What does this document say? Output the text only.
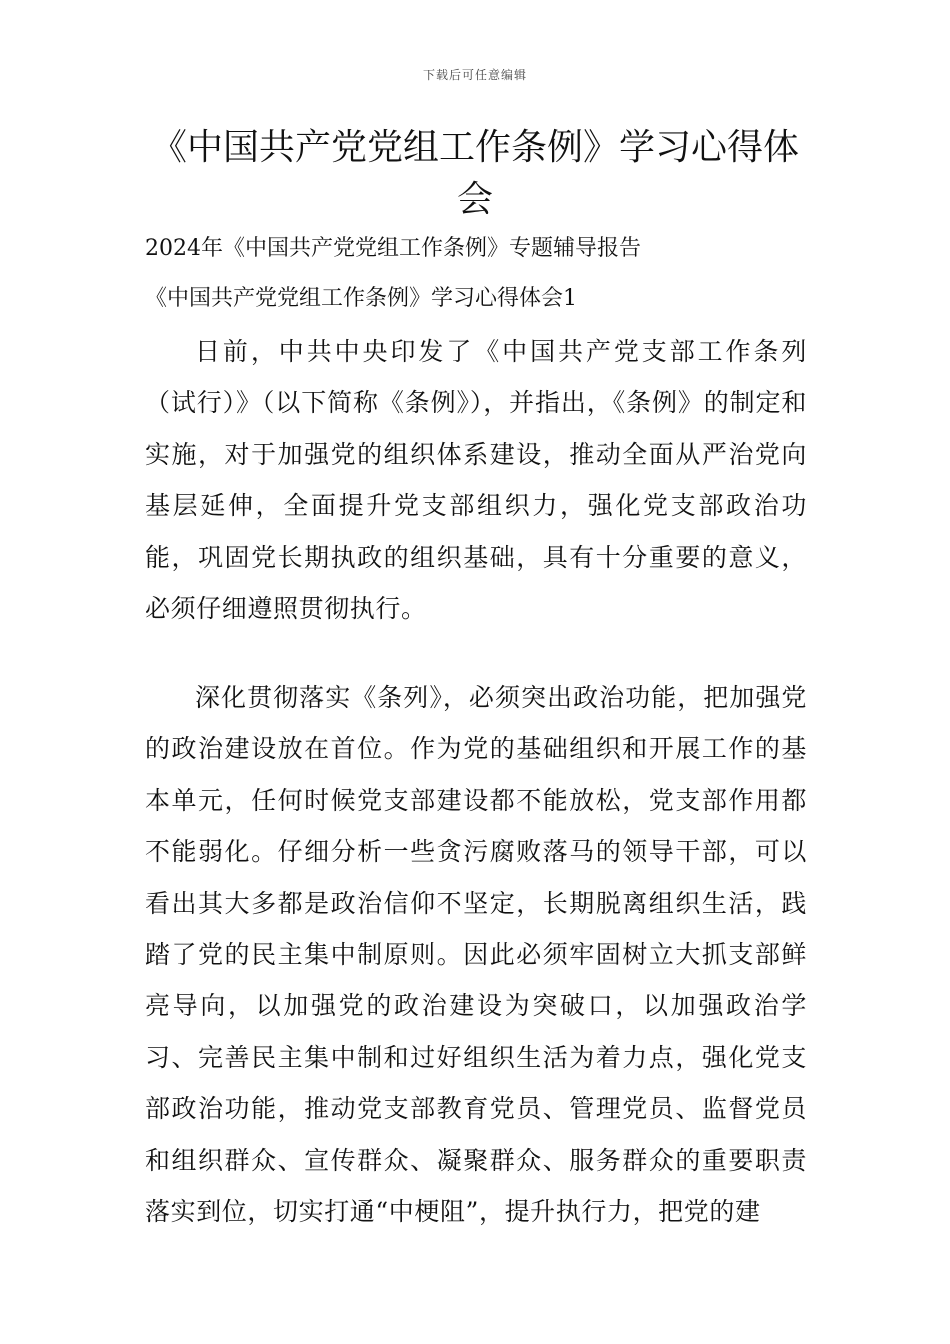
下载后可任意编辑
《中国共产党党组工作条例》学习心得体会

2024年《中国共产党党组工作条例》专题辅导报告

《中国共产党党组工作条例》学习心得体会1

日前，中共中央印发了《中国共产党支部工作条列（试行）》（以下简称《条例》），并指出，《条例》的制定和实施，对于加强党的组织体系建设，推动全面从严治党向基层延伸，全面提升党支部组织力，强化党支部政治功能，巩固党长期执政的组织基础，具有十分重要的意义，必须仔细遵照贯彻执行。

深化贯彻落实《条列》，必须突出政治功能，把加强党的政治建设放在首位。作为党的基础组织和开展工作的基本单元，任何时候党支部建设都不能放松，党支部作用都不能弱化。仔细分析一些贪污腐败落马的领导干部，可以看出其大多都是政治信仰不坚定，长期脱离组织生活，践踏了党的民主集中制原则。因此必须牢固树立大抓支部鲜亮导向，以加强党的政治建设为突破口，以加强政治学习、完善民主集中制和过好组织生活为着力点，强化党支部政治功能，推动党支部教育党员、管理党员、监督党员和组织群众、宣传群众、凝聚群众、服务群众的重要职责落实到位，切实打通“中梗阻”，提升执行力，把党的建
